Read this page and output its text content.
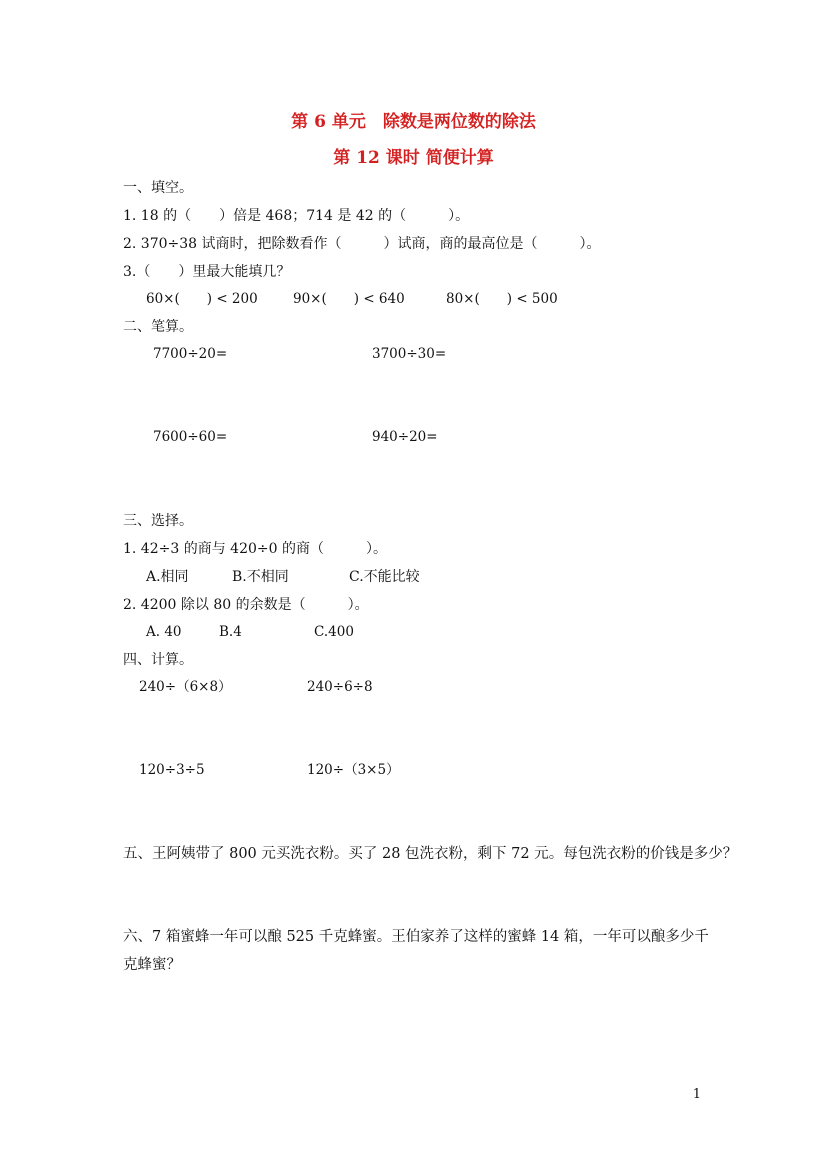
第 6 单元　除数是两位数的除法
第 12 课时 简便计算
一、填空。
1. 18 的（　　）倍是 468；714 是 42 的（　　　）。
2. 370÷38 试商时，把除数看作（　　　）试商，商的最高位是（　　　）。
3.（　　）里最大能填几？
60×(　　) < 200	90×(　　) < 640	80×(　　) < 500
二、笔算。
7700÷20=	3700÷30=
7600÷60=	940÷20=
三、选择。
1. 42÷3 的商与 420÷0 的商（　　　）。
A.相同	B.不相同	C.不能比较
2. 4200 除以 80 的余数是（　　　）。
A. 40	B.4	C.400
四、计算。
240÷（6×8）	240÷6÷8
120÷3÷5	120÷（3×5）
五、王阿姨带了 800 元买洗衣粉。买了 28 包洗衣粉，剩下 72 元。每包洗衣粉的价钱是多少？
六、7 箱蜜蜂一年可以酿 525 千克蜂蜜。王伯家养了这样的蜜蜂 14 箱，一年可以酿多少千
克蜂蜜？
1
